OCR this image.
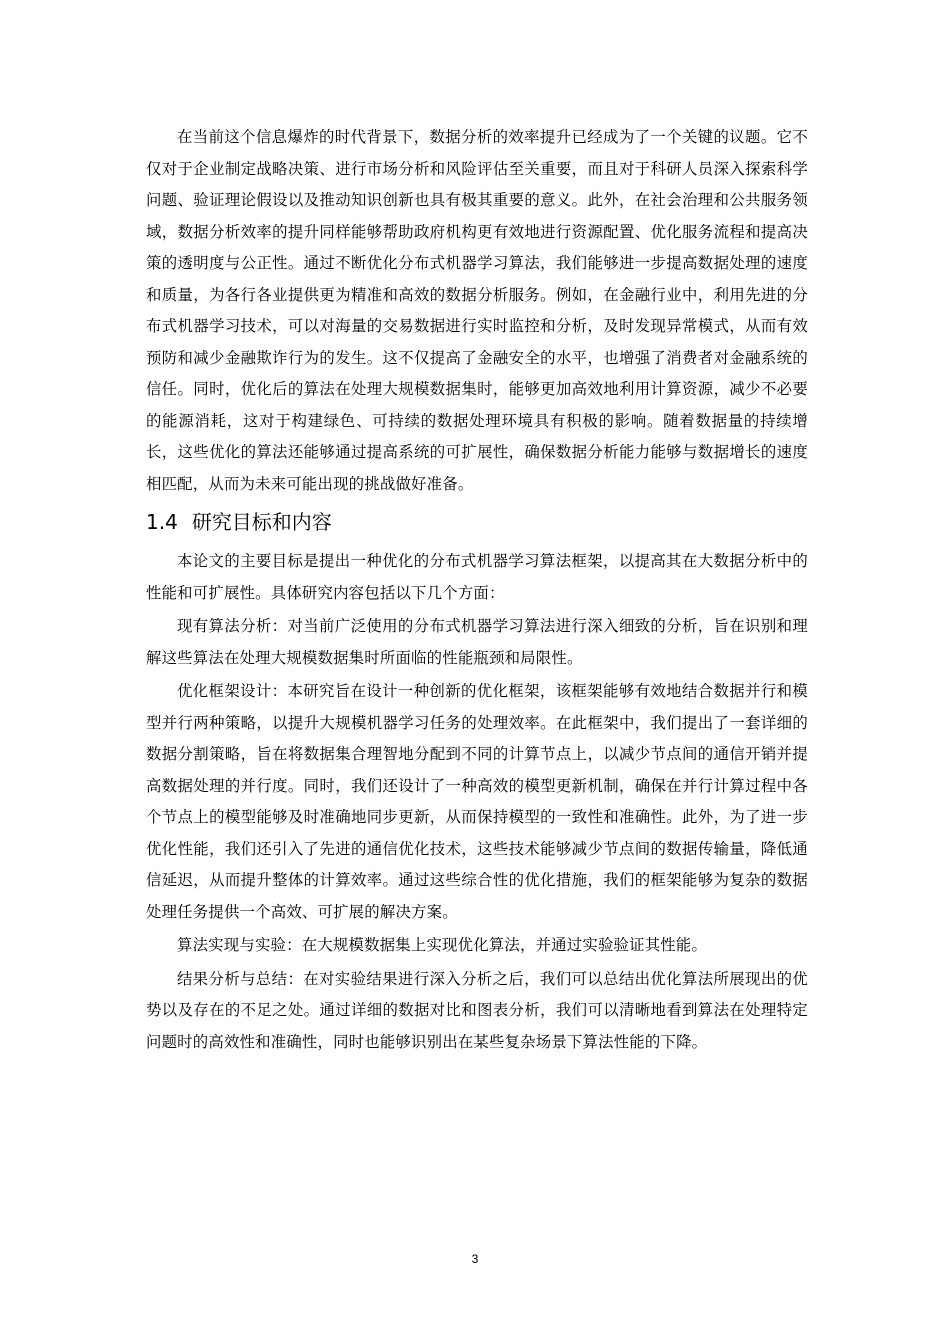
在当前这个信息爆炸的时代背景下，数据分析的效率提升已经成为了一个关键的议题。它不仅对于企业制定战略决策、进行市场分析和风险评估至关重要，而且对于科研人员深入探索科学问题、验证理论假设以及推动知识创新也具有极其重要的意义。此外，在社会治理和公共服务领域，数据分析效率的提升同样能够帮助政府机构更有效地进行资源配置、优化服务流程和提高决策的透明度与公正性。通过不断优化分布式机器学习算法，我们能够进一步提高数据处理的速度和质量，为各行各业提供更为精准和高效的数据分析服务。例如，在金融行业中，利用先进的分布式机器学习技术，可以对海量的交易数据进行实时监控和分析，及时发现异常模式，从而有效预防和减少金融欺诈行为的发生。这不仅提高了金融安全的水平，也增强了消费者对金融系统的信任。同时，优化后的算法在处理大规模数据集时，能够更加高效地利用计算资源，减少不必要的能源消耗，这对于构建绿色、可持续的数据处理环境具有积极的影响。随着数据量的持续增长，这些优化的算法还能够通过提高系统的可扩展性，确保数据分析能力能够与数据增长的速度相匹配，从而为未来可能出现的挑战做好准备。

1.4 研究目标和内容

本论文的主要目标是提出一种优化的分布式机器学习算法框架，以提高其在大数据分析中的性能和可扩展性。具体研究内容包括以下几个方面：

现有算法分析：对当前广泛使用的分布式机器学习算法进行深入细致的分析，旨在识别和理解这些算法在处理大规模数据集时所面临的性能瓶颈和局限性。

优化框架设计：本研究旨在设计一种创新的优化框架，该框架能够有效地结合数据并行和模型并行两种策略，以提升大规模机器学习任务的处理效率。在此框架中，我们提出了一套详细的数据分割策略，旨在将数据集合理智地分配到不同的计算节点上，以减少节点间的通信开销并提高数据处理的并行度。同时，我们还设计了一种高效的模型更新机制，确保在并行计算过程中各个节点上的模型能够及时准确地同步更新，从而保持模型的一致性和准确性。此外，为了进一步优化性能，我们还引入了先进的通信优化技术，这些技术能够减少节点间的数据传输量，降低通信延迟，从而提升整体的计算效率。通过这些综合性的优化措施，我们的框架能够为复杂的数据处理任务提供一个高效、可扩展的解决方案。

算法实现与实验：在大规模数据集上实现优化算法，并通过实验验证其性能。

结果分析与总结：在对实验结果进行深入分析之后，我们可以总结出优化算法所展现出的优势以及存在的不足之处。通过详细的数据对比和图表分析，我们可以清晰地看到算法在处理特定问题时的高效性和准确性，同时也能够识别出在某些复杂场景下算法性能的下降。

3
